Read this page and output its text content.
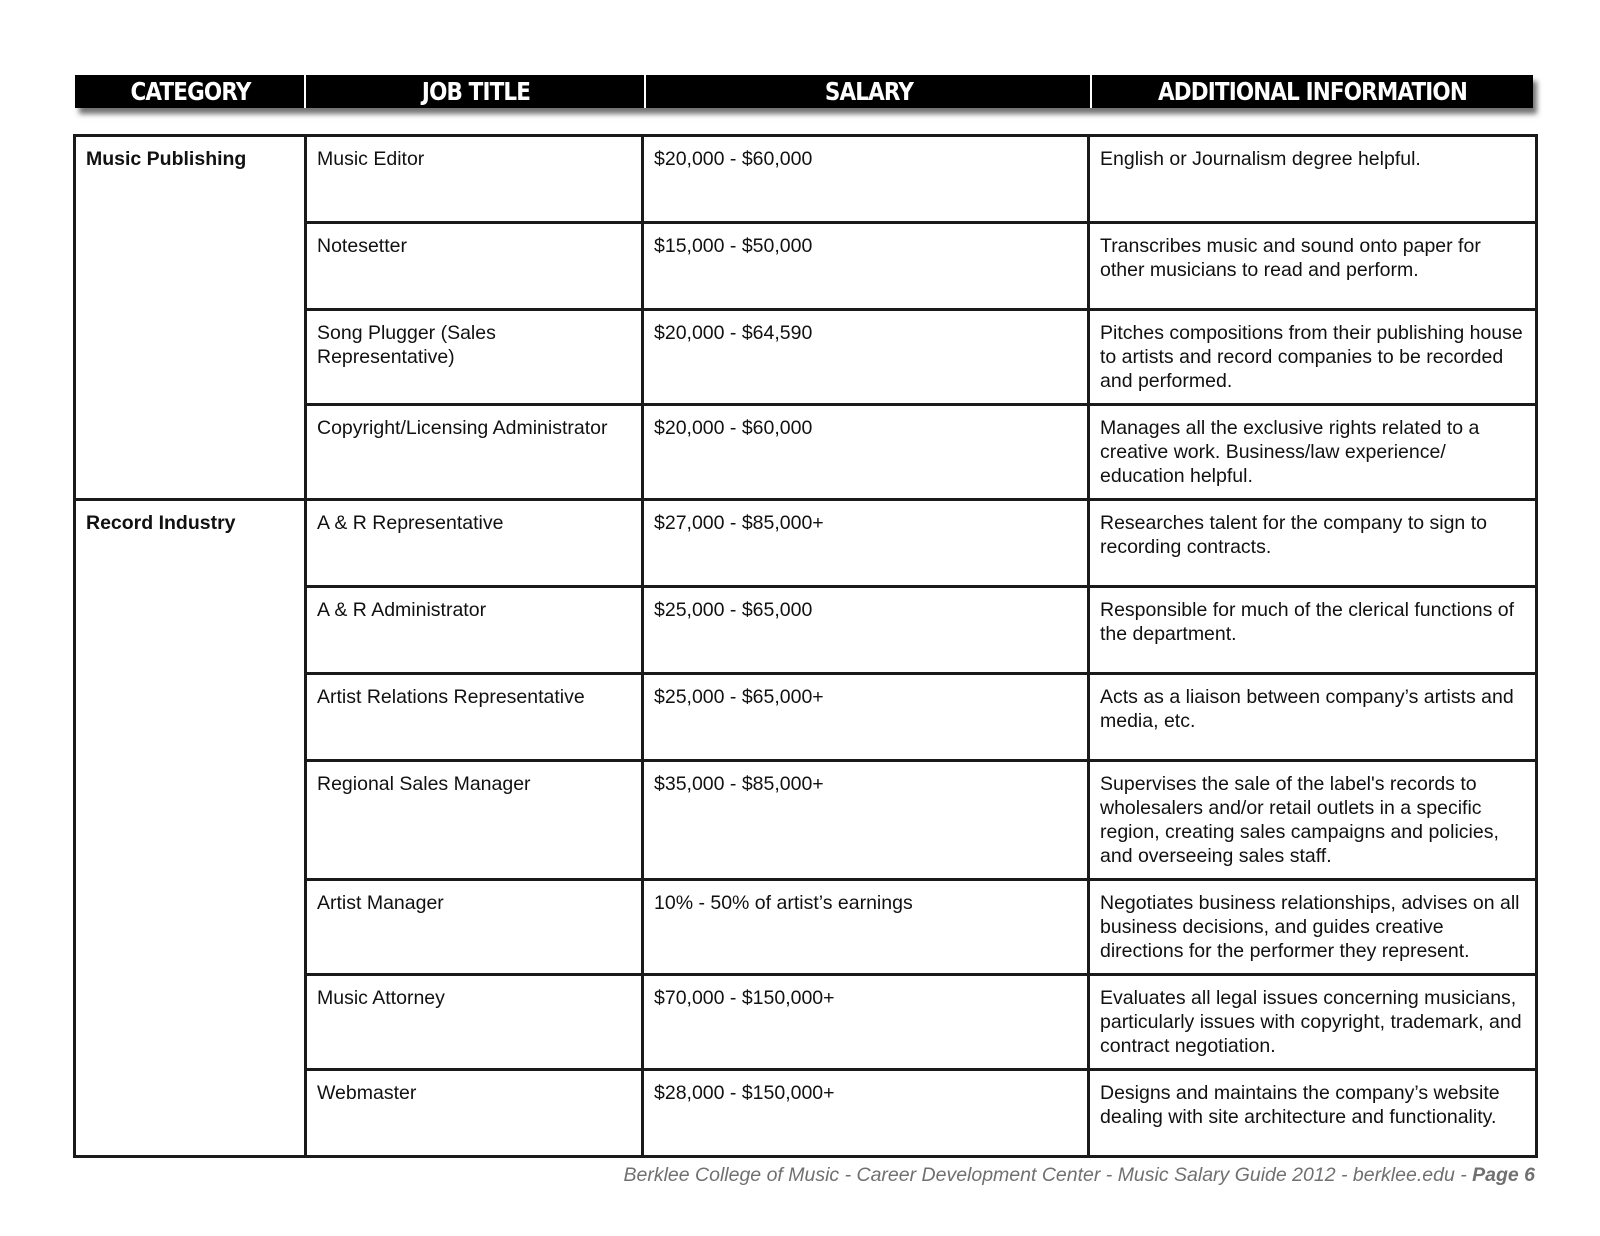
CATEGORY	JOB TITLE	SALARY	ADDITIONAL INFORMATION
Music Publishing	Music Editor	$20,000 - $60,000	English or Journalism degree helpful.
	Notesetter	$15,000 - $50,000	Transcribes music and sound onto paper for other musicians to read and perform.
	Song Plugger (Sales Representative)	$20,000 - $64,590	Pitches compositions from their publishing house to artists and record companies to be recorded and performed.
	Copyright/Licensing Administrator	$20,000 - $60,000	Manages all the exclusive rights related to a creative work. Business/law experience/ education helpful.
Record Industry	A & R Representative	$27,000 - $85,000+	Researches talent for the company to sign to recording contracts.
	A & R Administrator	$25,000 - $65,000	Responsible for much of the clerical functions of the department.
	Artist Relations Representative	$25,000 - $65,000+	Acts as a liaison between company’s artists and media, etc.
	Regional Sales Manager	$35,000 - $85,000+	Supervises the sale of the label's records to wholesalers and/or retail outlets in a specific region, creating sales campaigns and policies, and overseeing sales staff.
	Artist Manager	10% - 50% of artist’s earnings	Negotiates business relationships, advises on all business decisions, and guides creative directions for the performer they represent.
	Music Attorney	$70,000 - $150,000+	Evaluates all legal issues concerning musicians, particularly issues with copyright, trademark, and contract negotiation.
	Webmaster	$28,000 - $150,000+	Designs and maintains the company’s website dealing with site architecture and functionality.
Berklee College of Music - Career Development Center - Music Salary Guide 2012 - berklee.edu - Page 6
